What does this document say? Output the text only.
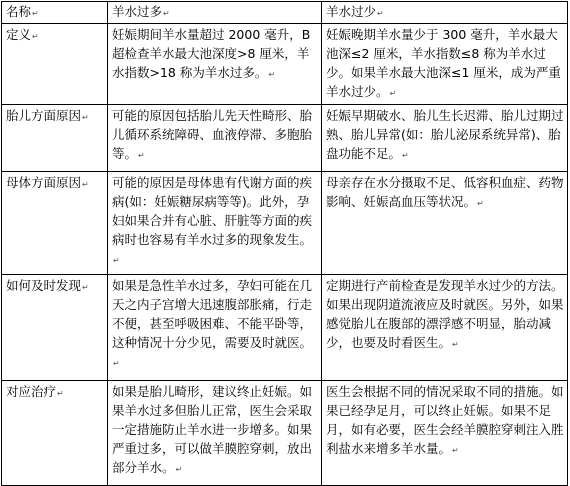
名称↵	羊水过多↵	羊水过少↵
定义↵	妊娠期间羊水量超过 2000 毫升，B 超检查羊水最大池深度>8 厘米，羊水指数>18 称为羊水过多。↵	妊娠晚期羊水量少于 300 毫升，羊水最大池深≤2 厘米，羊水指数≤8 称为羊水过少。如果羊水最大池深≤1 厘米，成为严重羊水过少。↵
胎儿方面原因↵	可能的原因包括胎儿先天性畸形、胎儿循环系统障碍、血液停滞、多胞胎等。↵	妊娠早期破水、胎儿生长迟滞、胎儿过期过熟、胎儿异常(如：胎儿泌尿系统异常)、胎盘功能不足。↵
母体方面原因↵	可能的原因是母体患有代谢方面的疾病(如：妊娠糖尿病等等)。此外，孕妇如果合并有心脏、肝脏等方面的疾病时也容易有羊水过多的现象发生。↵	母亲存在水分摄取不足、低容积血症、药物影响、妊娠高血压等状况。↵
如何及时发现↵	如果是急性羊水过多，孕妇可能在几天之内子宫增大迅速腹部胀痛，行走不便，甚至呼吸困难、不能平卧等，这种情况十分少见，需要及时就医。↵	定期进行产前检查是发现羊水过少的方法。如果出现阴道流液应及时就医。另外，如果感觉胎儿在腹部的漂浮感不明显，胎动减少，也要及时看医生。↵
对应治疗↵	如果是胎儿畸形，建议终止妊娠。如果羊水过多但胎儿正常，医生会采取一定措施防止羊水进一步增多。如果严重过多，可以做羊膜腔穿刺，放出部分羊水。↵	医生会根据不同的情况采取不同的措施。如果已经孕足月，可以终止妊娠。如果不足月，如有必要，医生会经羊膜腔穿刺注入胜利盐水来增多羊水量。↵
